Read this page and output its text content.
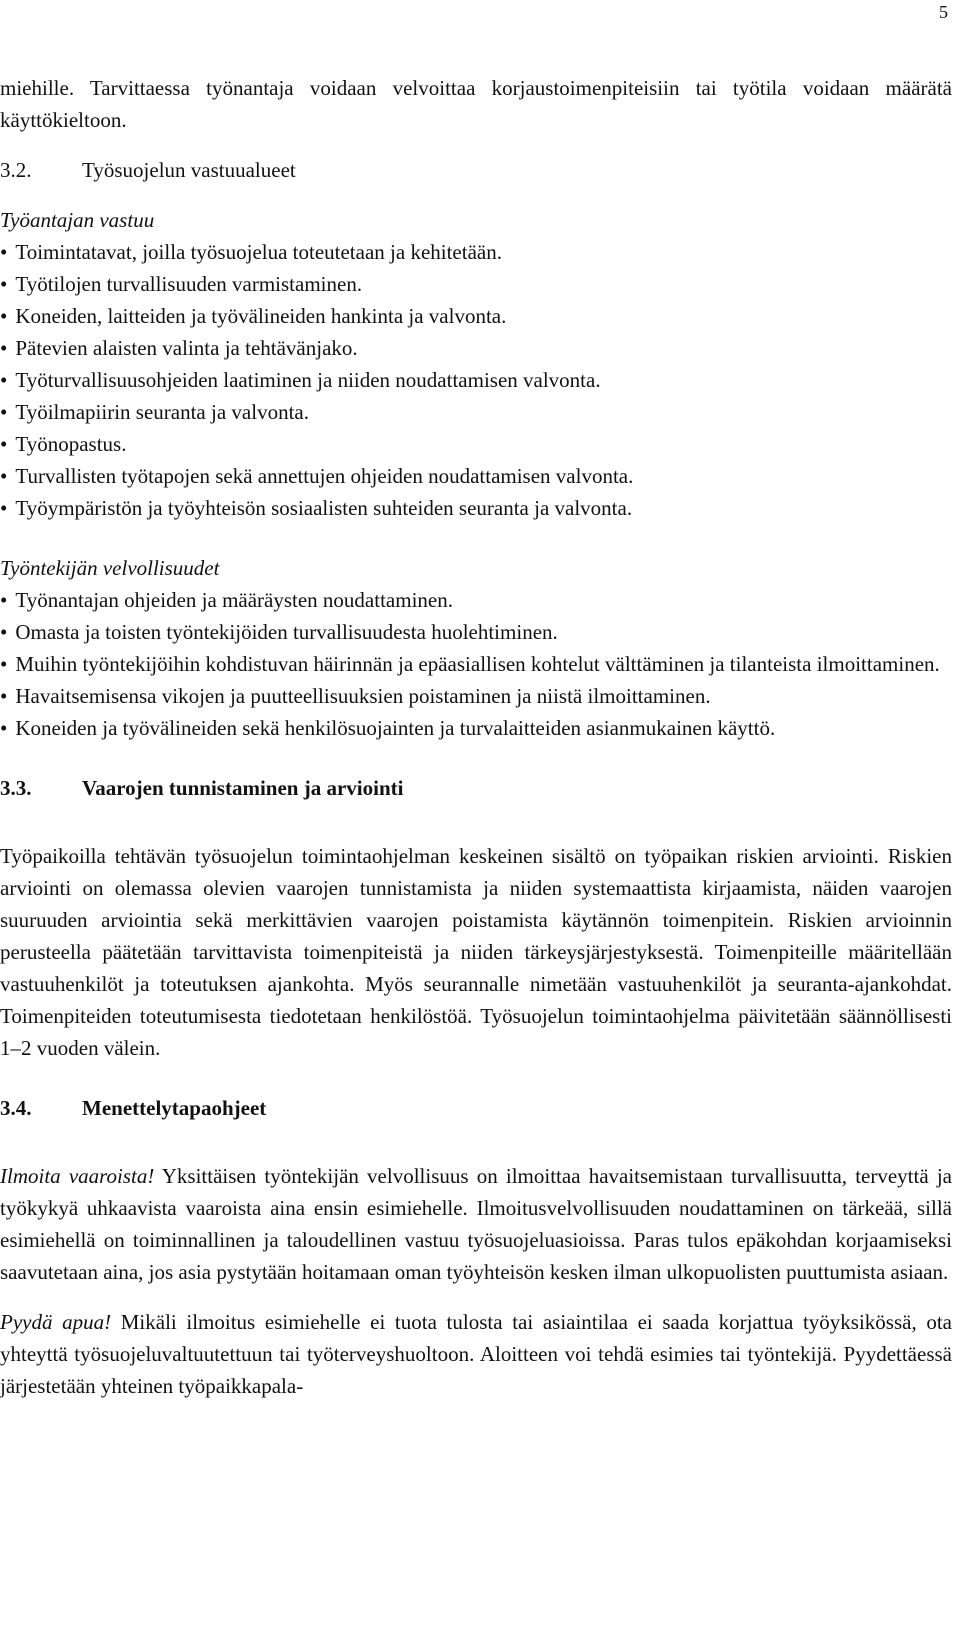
5

miehille. Tarvittaessa työnantaja voidaan velvoittaa korjaustoimenpiteisiin tai työtila voidaan määrätä käyttökieltoon.

3.2.	Työsuojelun vastuualueet
Työantajan vastuu
• Toimintatavat, joilla työsuojelua toteutetaan ja kehitetään.
• Työtilojen turvallisuuden varmistaminen.
• Koneiden, laitteiden ja työvälineiden hankinta ja valvonta.
• Pätevien alaisten valinta ja tehtävänjako.
• Työturvallisuusohjeiden laatiminen ja niiden noudattamisen valvonta.
• Työilmapiirin seuranta ja valvonta.
• Työnopastus.
• Turvallisten työtapojen sekä annettujen ohjeiden noudattamisen valvonta.
• Työympäristön ja työyhteisön sosiaalisten suhteiden seuranta ja valvonta.
Työntekijän velvollisuudet
• Työnantajan ohjeiden ja määräysten noudattaminen.
• Omasta ja toisten työntekijöiden turvallisuudesta huolehtiminen.
• Muihin työntekijöihin kohdistuvan häirinnän ja epäasiallisen kohtelut välttäminen ja tilanteista ilmoittaminen.
• Havaitsemisensa vikojen ja puutteellisuuksien poistaminen ja niistä ilmoittaminen.
• Koneiden ja työvälineiden sekä henkilösuojainten ja turvalaitteiden asianmukainen käyttö.
3.3.	Vaarojen tunnistaminen ja arviointi

Työpaikoilla tehtävän työsuojelun toimintaohjelman keskeinen sisältö on työpaikan riskien arviointi. Riskien arviointi on olemassa olevien vaarojen tunnistamista ja niiden systemaattista kirjaamista, näiden vaarojen suuruuden arviointia sekä merkittävien vaarojen poistamista käytännön toimenpitein. Riskien arvioinnin perusteella päätetään tarvittavista toimenpiteistä ja niiden tärkeysjärjestyksestä. Toimenpiteille määritellään vastuuhenkilöt ja toteutuksen ajankohta. Myös seurannalle nimetään vastuuhenkilöt ja seuranta-ajankohdat. Toimenpiteiden toteutumisesta tiedotetaan henkilöstöä. Työsuojelun toimintaohjelma päivitetään säännöllisesti 1–2 vuoden välein.

3.4.	Menettelytapaohjeet

Ilmoita vaaroista! Yksittäisen työntekijän velvollisuus on ilmoittaa havaitsemistaan turvallisuutta, terveyttä ja työkykyä uhkaavista vaaroista aina ensin esimiehelle. Ilmoitusvelvollisuuden noudattaminen on tärkeää, sillä esimiehellä on toiminnallinen ja taloudellinen vastuu työsuojeluasioissa. Paras tulos epäkohdan korjaamiseksi saavutetaan aina, jos asia pystytään hoitamaan oman työyhteisön kesken ilman ulkopuolisten puuttumista asiaan.

Pyydä apua! Mikäli ilmoitus esimiehelle ei tuota tulosta tai asiaintilaa ei saada korjattua työyksikössä, ota yhteyttä työsuojeluvaltuutettuun tai työterveyshuoltoon. Aloitteen voi tehdä esimies tai työntekijä. Pyydettäessä järjestetään yhteinen työpaikkapala-
